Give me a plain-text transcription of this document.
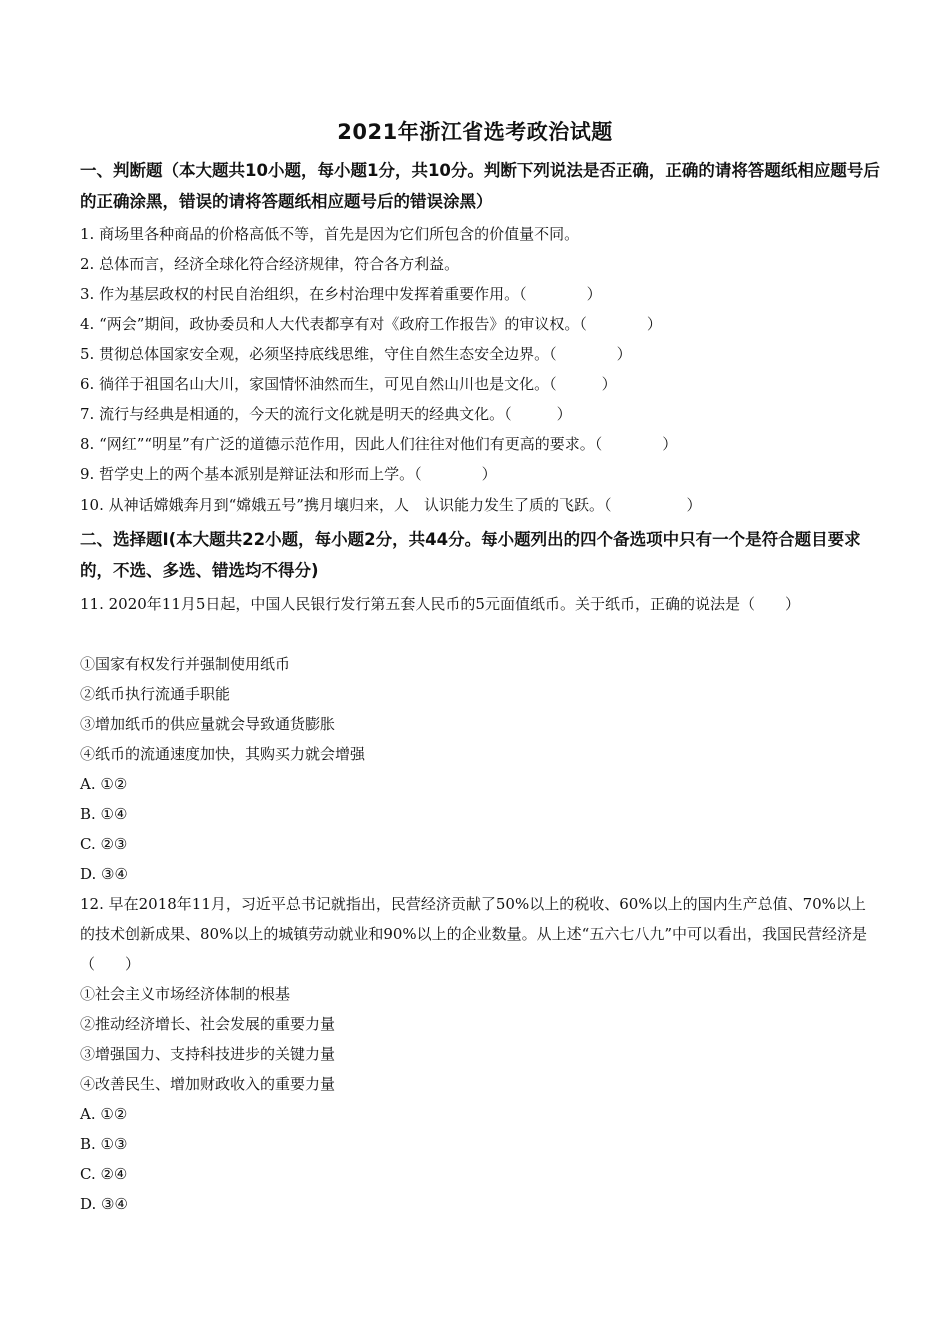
2021年浙江省选考政治试题

一、判断题（本大题共10小题，每小题1分，共10分。判断下列说法是否正确，正确的请将答题纸相应题号后的正确涂黑，错误的请将答题纸相应题号后的错误涂黑）

1. 商场里各种商品的价格高低不等，首先是因为它们所包含的价值量不同。

2. 总体而言，经济全球化符合经济规律，符合各方利益。

3. 作为基层政权的村民自治组织，在乡村治理中发挥着重要作用。（　　　　）

4. “两会”期间，政协委员和人大代表都享有对《政府工作报告》的审议权。（　　　　）

5. 贯彻总体国家安全观，必须坚持底线思维，守住自然生态安全边界。（　　　　）

6. 徜徉于祖国名山大川，家国情怀油然而生，可见自然山川也是文化。（　　　）

7. 流行与经典是相通的，今天的流行文化就是明天的经典文化。（　　　）

8. “网红”“明星”有广泛的道德示范作用，因此人们往往对他们有更高的要求。（　　　　）

9. 哲学史上的两个基本派别是辩证法和形而上学。（　　　　）

10. 从神话嫦娥奔月到“嫦娥五号”携月壤归来，人　认识能力发生了质的飞跃。（　　　　　）

二、选择题I(本大题共22小题，每小题2分，共44分。每小题列出的四个备选项中只有一个是符合题目要求的，不选、多选、错选均不得分)

11. 2020年11月5日起，中国人民银行发行第五套人民币的5元面值纸币。关于纸币，正确的说法是（　　）

①国家有权发行并强制使用纸币

②纸币执行流通手职能

③增加纸币的供应量就会导致通货膨胀

④纸币的流通速度加快，其购买力就会增强

A. ①②

B. ①④

C. ②③

D. ③④

12. 早在2018年11月，习近平总书记就指出，民营经济贡献了50%以上的税收、60%以上的国内生产总值、70%以上的技术创新成果、80%以上的城镇劳动就业和90%以上的企业数量。从上述“五六七八九”中可以看出，我国民营经济是（　　）

①社会主义市场经济体制的根基

②推动经济增长、社会发展的重要力量

③增强国力、支持科技进步的关键力量

④改善民生、增加财政收入的重要力量

A. ①②

B. ①③

C. ②④

D. ③④
